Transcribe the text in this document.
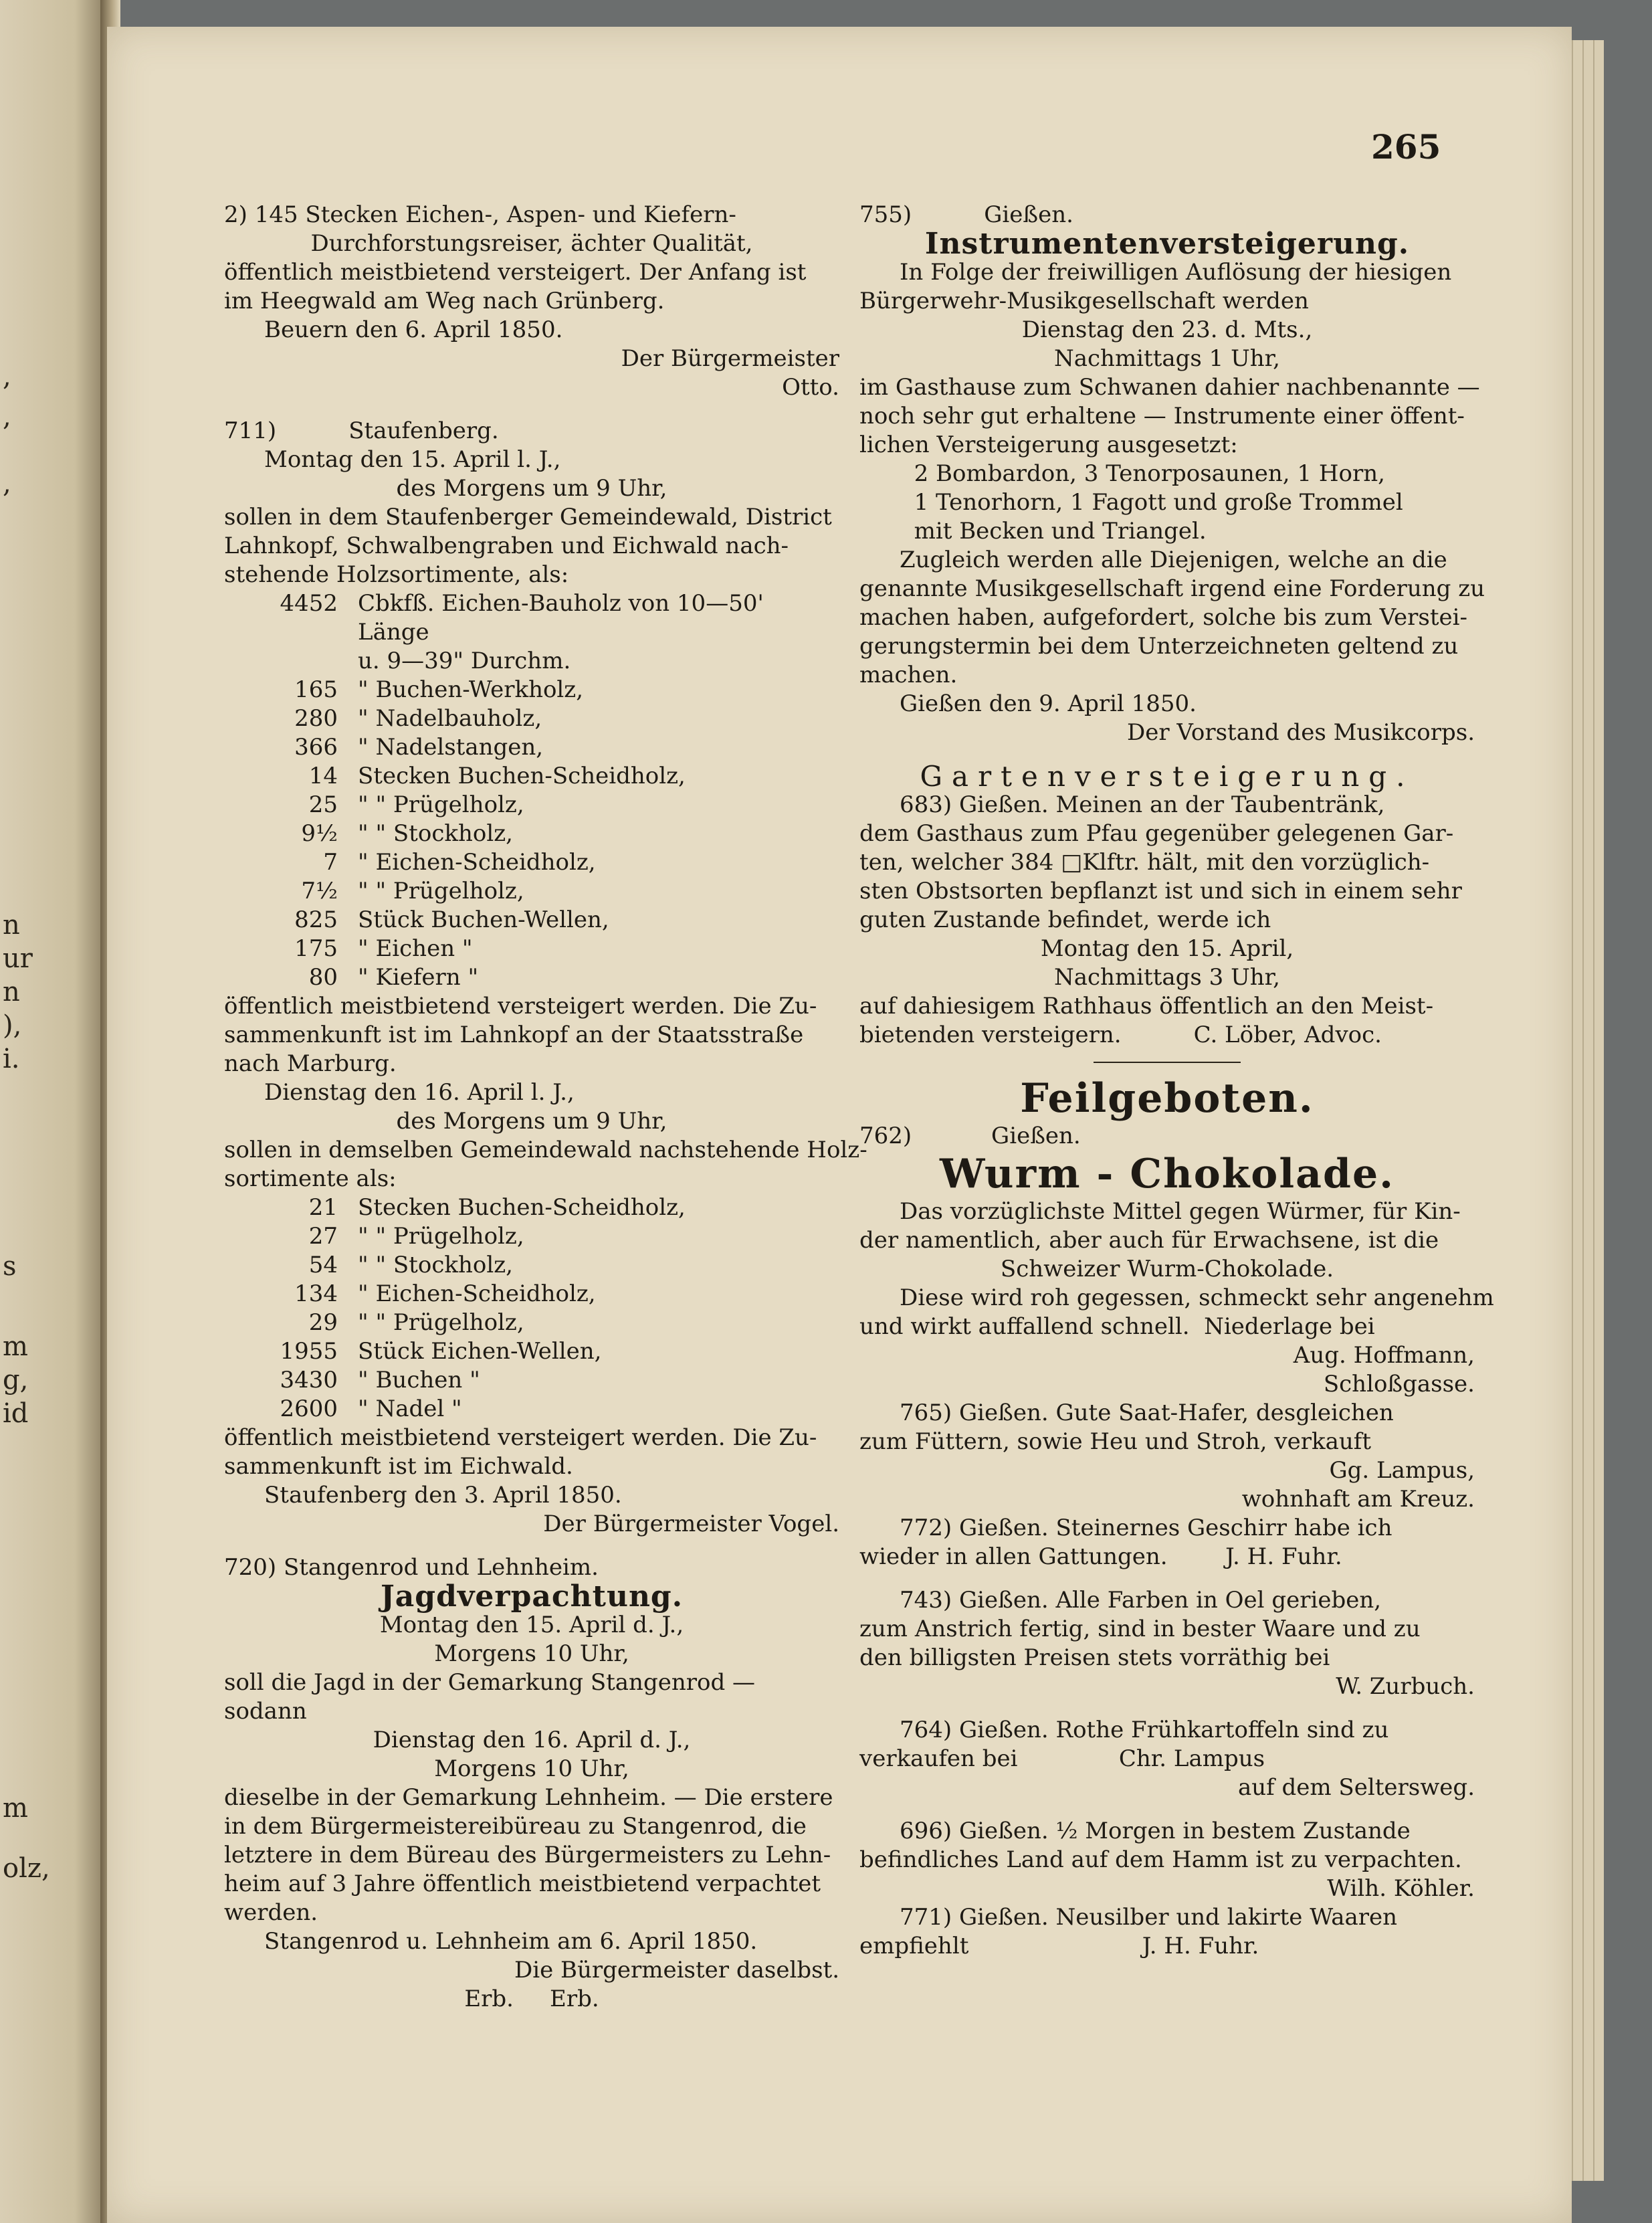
,
,
,
n
ur
n
),
i.
s
m
g,
id
m
olz,
265

2) 145 Stecken Eichen-, Aspen- und Kiefern-

Durchforstungsreiser, ächter Qualität,

öffentlich meistbietend versteigert. Der Anfang ist

im Heegwald am Weg nach Grünberg.

Beuern den 6. April 1850.

Der Bürgermeister

Otto.

711)          Staufenberg.

Montag den 15. April l. J.,

des Morgens um 9 Uhr,

sollen in dem Staufenberger Gemeindewald, District

Lahnkopf, Schwalbengraben und Eichwald nach-

stehende Holzsortimente, als:

4452 Cbkfß. Eichen-Bauholz von 10—50' Länge
u. 9—39" Durchm.
165 " Buchen-Werkholz,
280 " Nadelbauholz,
366 " Nadelstangen,
14 Stecken Buchen-Scheidholz,
25 " " Prügelholz,
9½ " " Stockholz,
7 " Eichen-Scheidholz,
7½ " " Prügelholz,
825 Stück Buchen-Wellen,
175 " Eichen "
80 " Kiefern "

öffentlich meistbietend versteigert werden. Die Zu-

sammenkunft ist im Lahnkopf an der Staatsstraße

nach Marburg.

Dienstag den 16. April l. J.,

des Morgens um 9 Uhr,

sollen in demselben Gemeindewald nachstehende Holz-

sortimente als:

21 Stecken Buchen-Scheidholz,
27 " " Prügelholz,
54 " " Stockholz,
134 " Eichen-Scheidholz,
29 " " Prügelholz,
1955 Stück Eichen-Wellen,
3430 " Buchen "
2600 " Nadel "

öffentlich meistbietend versteigert werden. Die Zu-

sammenkunft ist im Eichwald.

Staufenberg den 3. April 1850.

Der Bürgermeister Vogel.

720) Stangenrod und Lehnheim.

Jagdverpachtung.

Montag den 15. April d. J.,

Morgens 10 Uhr,

soll die Jagd in der Gemarkung Stangenrod —

sodann

Dienstag den 16. April d. J.,

Morgens 10 Uhr,

dieselbe in der Gemarkung Lehnheim. — Die erstere

in dem Bürgermeistereibüreau zu Stangenrod, die

letztere in dem Büreau des Bürgermeisters zu Lehn-

heim auf 3 Jahre öffentlich meistbietend verpachtet

werden.

Stangenrod u. Lehnheim am 6. April 1850.

Die Bürgermeister daselbst.

Erb.     Erb.

755)          Gießen.

Instrumentenversteigerung.

In Folge der freiwilligen Auflösung der hiesigen

Bürgerwehr-Musikgesellschaft werden

Dienstag den 23. d. Mts.,

Nachmittags 1 Uhr,

im Gasthause zum Schwanen dahier nachbenannte —

noch sehr gut erhaltene — Instrumente einer öffent-

lichen Versteigerung ausgesetzt:

2 Bombardon, 3 Tenorposaunen, 1 Horn,

1 Tenorhorn, 1 Fagott und große Trommel

mit Becken und Triangel.

Zugleich werden alle Diejenigen, welche an die

genannte Musikgesellschaft irgend eine Forderung zu

machen haben, aufgefordert, solche bis zum Verstei-

gerungstermin bei dem Unterzeichneten geltend zu

machen.

Gießen den 9. April 1850.

Der Vorstand des Musikcorps.

Gartenversteigerung.

683) Gießen. Meinen an der Taubentränk,

dem Gasthaus zum Pfau gegenüber gelegenen Gar-

ten, welcher 384 □Klftr. hält, mit den vorzüglich-

sten Obstsorten bepflanzt ist und sich in einem sehr

guten Zustande befindet, werde ich

Montag den 15. April,

Nachmittags 3 Uhr,

auf dahiesigem Rathhaus öffentlich an den Meist-

bietenden versteigern.          C. Löber, Advoc.

Feilgeboten.

762)           Gießen.

Wurm - Chokolade.

Das vorzüglichste Mittel gegen Würmer, für Kin-

der namentlich, aber auch für Erwachsene, ist die

Schweizer Wurm-Chokolade.

Diese wird roh gegessen, schmeckt sehr angenehm

und wirkt auffallend schnell.  Niederlage bei

Aug. Hoffmann,

Schloßgasse.

765) Gießen. Gute Saat-Hafer, desgleichen

zum Füttern, sowie Heu und Stroh, verkauft

Gg. Lampus,

wohnhaft am Kreuz.

772) Gießen. Steinernes Geschirr habe ich

wieder in allen Gattungen.        J. H. Fuhr.

743) Gießen. Alle Farben in Oel gerieben,

zum Anstrich fertig, sind in bester Waare und zu

den billigsten Preisen stets vorräthig bei

W. Zurbuch.

764) Gießen. Rothe Frühkartoffeln sind zu

verkaufen bei              Chr. Lampus

auf dem Seltersweg.

696) Gießen. ½ Morgen in bestem Zustande

befindliches Land auf dem Hamm ist zu verpachten.

Wilh. Köhler.

771) Gießen. Neusilber und lakirte Waaren

empfiehlt                        J. H. Fuhr.
